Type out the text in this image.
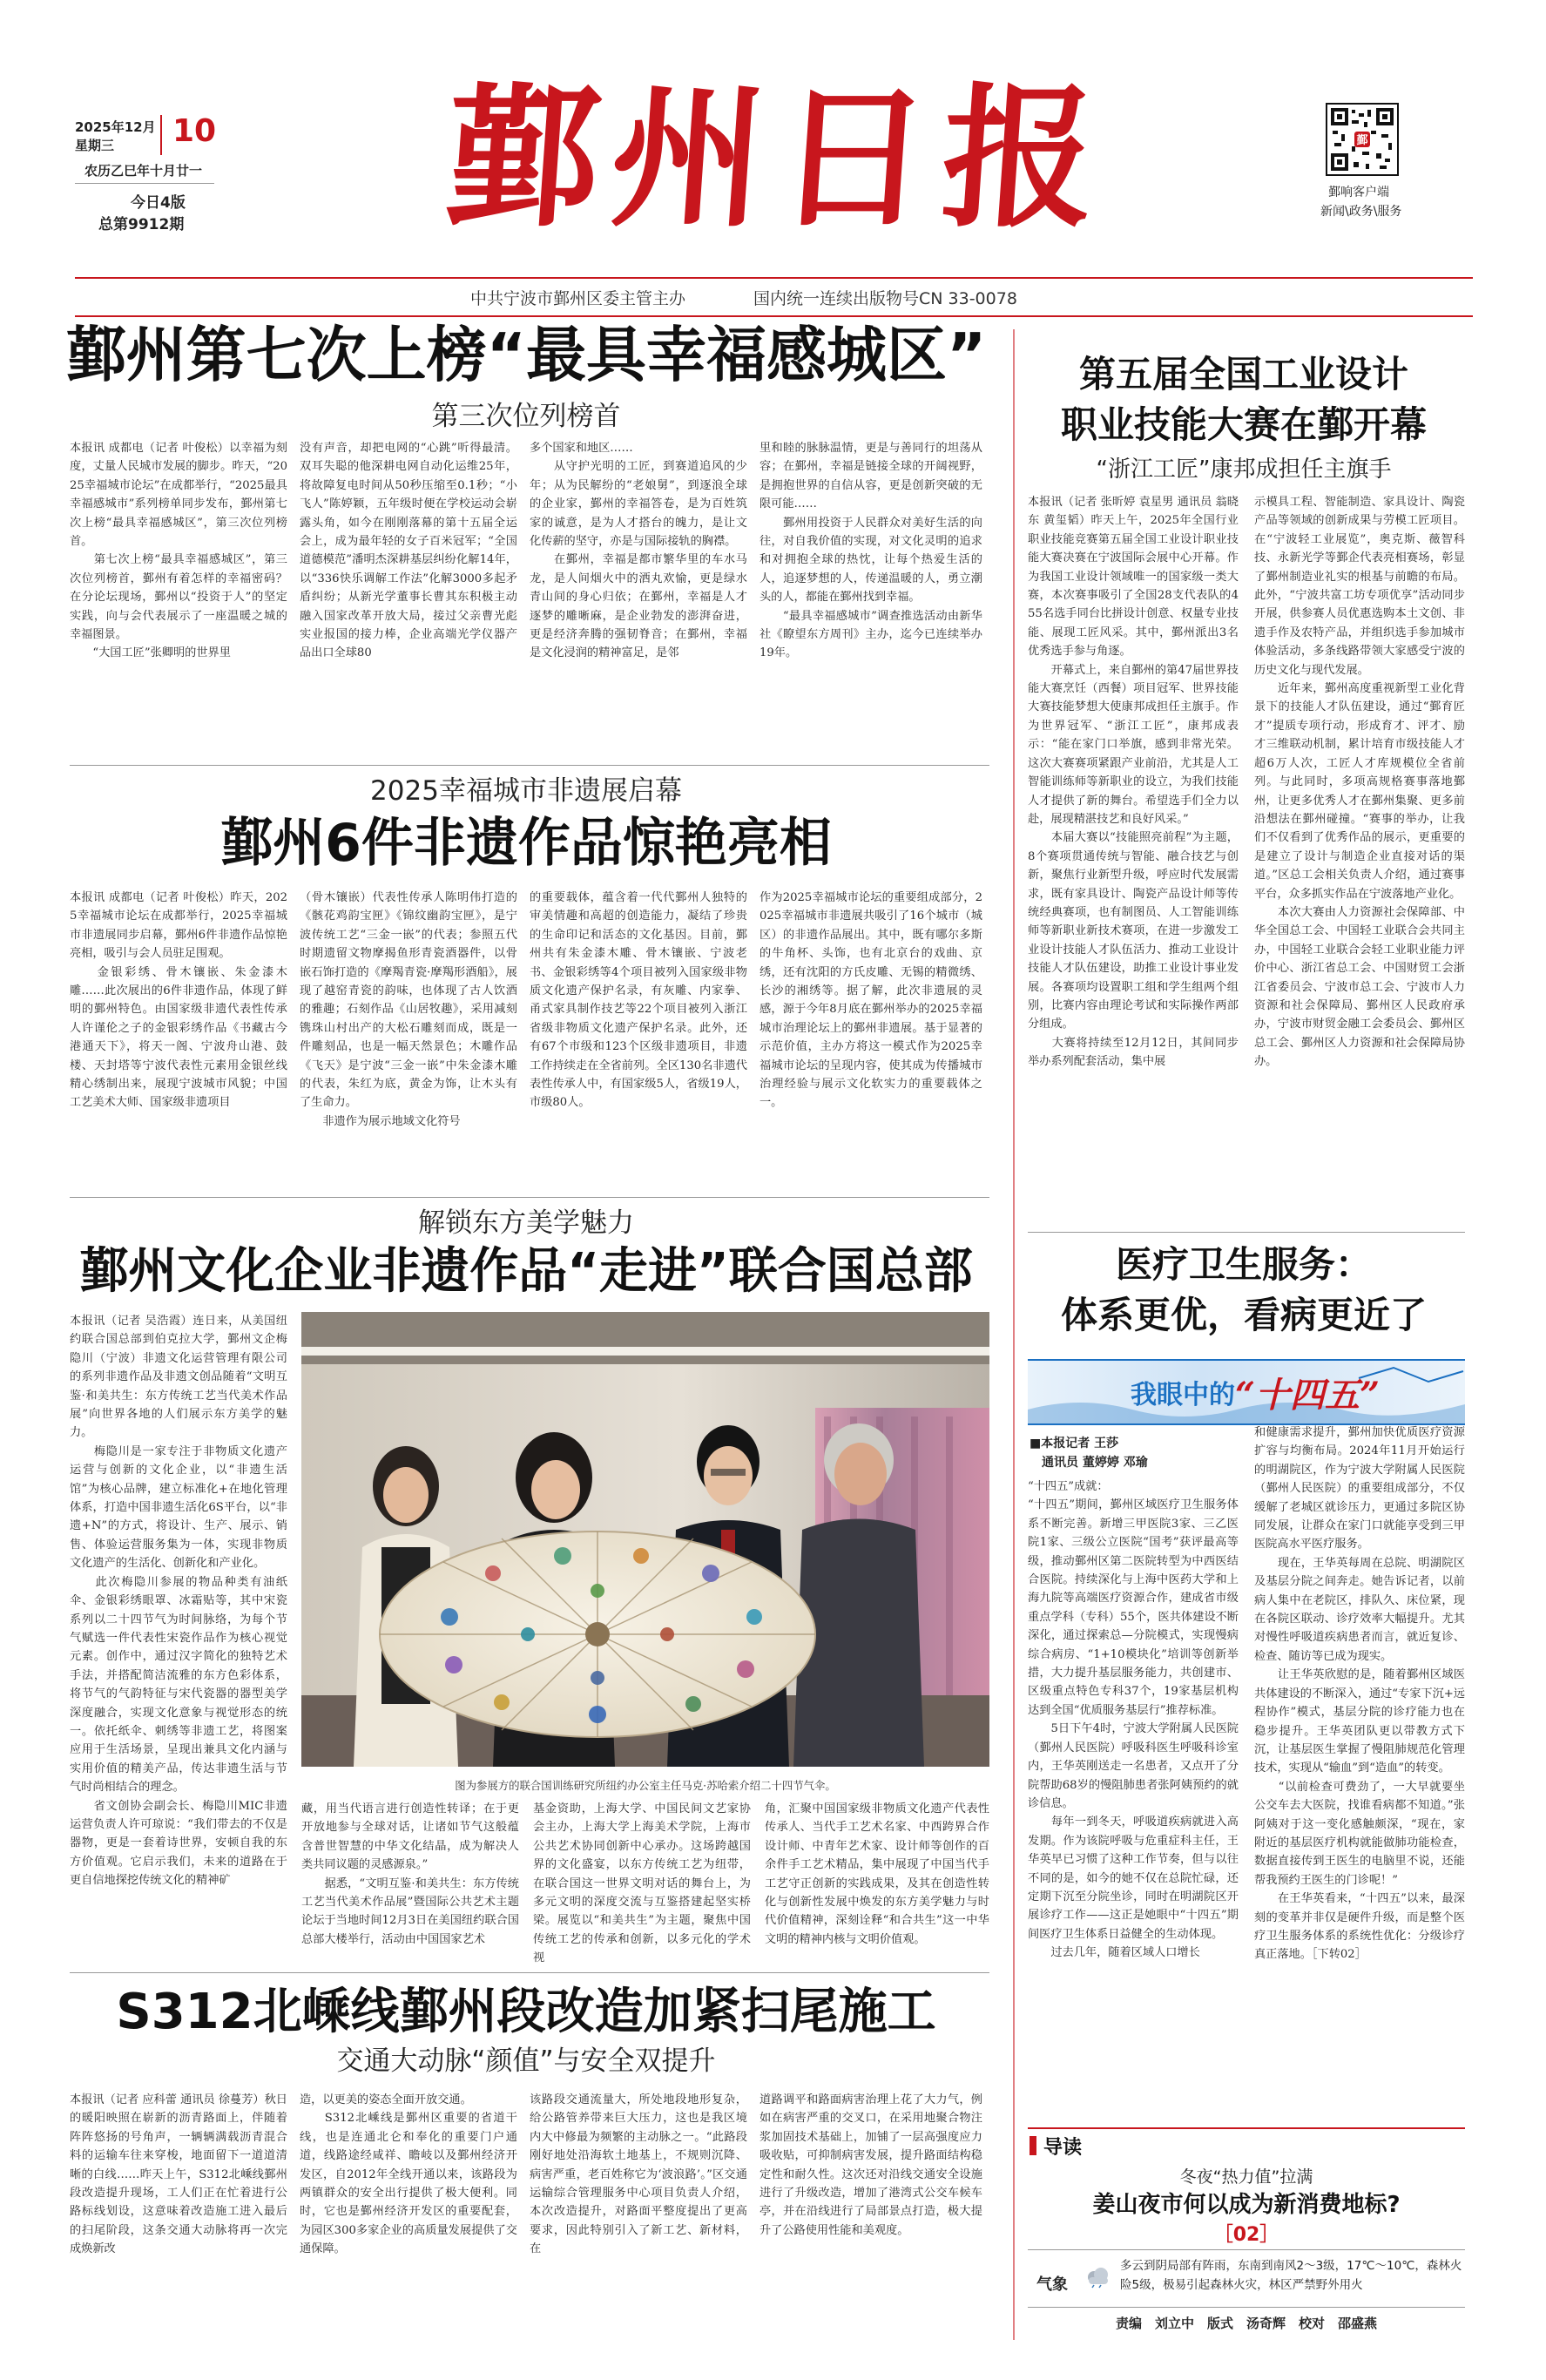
2025年12月
星期三 10
农历乙巳年十月廿一
今日4版
总第9912期 鄞州日报	鄞
鄞响客户端
新闻\政务\服务
中共宁波市鄞州区委主管主办	国内统一连续出版物号CN 33-0078
鄞州第七次上榜“最具幸福感城区”
第三次位列榜首
本报讯 成都电（记者 叶俊松）以幸福为刻度，丈量人民城市发展的脚步。昨天，“2025幸福城市论坛”在成都举行，“2025最具幸福感城市”系列榜单同步发布，鄞州第七次上榜“最具幸福感城区”，第三次位列榜首。
　　第七次上榜“最具幸福感城区”，第三次位列榜首，鄞州有着怎样的幸福密码？在分论坛现场，鄞州以“投资于人”的坚定实践，向与会代表展示了一座温暖之城的幸福图景。
　　“大国工匠”张卿明的世界里
没有声音，却把电网的“心跳”听得最清。双耳失聪的他深耕电网自动化运维25年，将故障复电时间从50秒压缩至0.1秒；“小飞人”陈婷颖，五年级时便在学校运动会崭露头角，如今在刚刚落幕的第十五届全运会上，成为最年轻的女子百米冠军；“全国道德模范”潘明杰深耕基层纠纷化解14年，以“336快乐调解工作法”化解3000多起矛盾纠纷；从新光学董事长曹其东积极主动融入国家改革开放大局，接过父亲曹光彪实业报国的接力棒，企业高端光学仪器产品出口全球80
多个国家和地区……
　　从守护光明的工匠，到赛道追风的少年；从为民解纷的“老娘舅”，到逐浪全球的企业家，鄞州的幸福答卷，是为百姓筑家的诚意，是为人才搭台的魄力，是让文化传薪的坚守，亦是与国际接轨的胸襟。
　　在鄞州，幸福是都市繁华里的车水马龙，是人间烟火中的洒丸欢愉，更是绿水青山间的身心归依；在鄞州，幸福是人才逐梦的雕晰麻，是企业勃发的澎湃奋进，更是经济奔腾的强韧脊音；在鄞州，幸福是文化浸润的精神富足，是邻
里和睦的脉脉温情，更是与善同行的坦荡从容；在鄞州，幸福是链接全球的开阔视野，是拥抱世界的自信从容，更是创新突破的无限可能……
　　鄞州用投资于人民群众对美好生活的向往，对自我价值的实现，对文化灵明的追求和对拥抱全球的热忱，让每个热爱生活的人，追逐梦想的人，传递温暖的人，勇立潮头的人，都能在鄞州找到幸福。
　　“最具幸福感城市”调查推选活动由新华社《瞭望东方周刊》主办，迄今已连续举办19年。
2025幸福城市非遗展启幕
鄞州6件非遗作品惊艳亮相
本报讯 成都电（记者 叶俊松）昨天，2025幸福城市论坛在成都举行，2025幸福城市非遗展同步启幕，鄞州6件非遗作品惊艳亮相，吸引与会人员驻足围观。
　　金银彩绣、骨木镶嵌、朱金漆木雕……此次展出的6件非遗作品，体现了鲜明的鄞州特色。由国家级非遗代表性传承人许谨伦之子的金银彩绣作品《书藏古今 港通天下》，将天一阁、宁波舟山港、鼓楼、天封塔等宁波代表性元素用金银丝线精心绣制出来，展现宁波城市风貌；中国工艺美术大师、国家级非遗项目
（骨木镶嵌）代表性传承人陈明伟打造的《骸花鸡韵宝匣》《锦纹幽韵宝匣》，是宁波传统工艺“三金一嵌”的代表；参照五代时期遗留文物摩揭鱼形青瓷酒器件，以骨嵌石饰打造的《摩羯青瓷·摩羯形酒船》，展现了越窑青瓷的韵味，也体现了古人饮酒的雅趣；石刻作品《山居牧趣》，采用减刻镌珠山村出产的大松石雕刻而成，既是一件雕刻品，也是一幅天然景色；木雕作品《飞天》是宁波“三金一嵌”中朱金漆木雕的代表，朱红为底，黄金为饰，让木头有了生命力。
　　非遗作为展示地域文化符号
的重要载体，蕴含着一代代鄞州人独特的审美情趣和高超的创造能力，凝结了珍贵的生命印记和活态的文化基因。目前，鄞州共有朱金漆木雕、骨木镶嵌、宁波老书、金银彩绣等4个项目被列入国家级非物质文化遗产保护名录，有灰雕、内家拳、甬式家具制作技艺等22个项目被列入浙江省级非物质文化遗产保护名录。此外，还有67个市级和123个区级非遗项目，非遗工作持续走在全省前列。全区130名非遗代表性传承人中，有国家级5人，省级19人，市级80人。
作为2025幸福城市论坛的重要组成部分，2025幸福城市非遗展共吸引了16个城市（城区）的非遗作品展出。其中，既有哪尔多斯的牛角杯、头饰，也有北京台的戏曲、京绣，还有沈阳的方氏皮雕、无锡的精微绣、长沙的湘绣等。据了解，此次非遗展的灵感，源于今年8月底在鄞州举办的2025幸福城市治理论坛上的鄞州非遗展。基于显著的示范价值，主办方将这一模式作为2025幸福城市论坛的呈现内容，使其成为传播城市治理经验与展示文化软实力的重要载体之一。
解锁东方美学魅力
鄞州文化企业非遗作品“走进”联合国总部
本报讯（记者 吴浩霞）连日来，从美国纽约联合国总部到伯克拉大学，鄞州文企梅隐川（宁波）非遗文化运营管理有限公司的系列非遗作品及非遗文创品随着“文明互鉴·和美共生：东方传统工艺当代美术作品展”向世界各地的人们展示东方美学的魅力。
　　梅隐川是一家专注于非物质文化遗产运营与创新的文化企业，以“非遗生活馆”为核心品牌，建立标准化+在地化管理体系，打造中国非遗生活化6S平台，以“非遗+N”的方式，将设计、生产、展示、销售、体验运营服务集为一体，实现非物质文化遗产的生活化、创新化和产业化。
　　此次梅隐川参展的物品种类有油纸伞、金银彩绣眼罩、冰霜贴等，其中宋瓷系列以二十四节气为时间脉络，为每个节气赋选一件代表性宋瓷作品作为核心视觉元素。创作中，通过汉字简化的独特艺术手法，并搭配简洁流雅的东方色彩体系，将节气的气韵特征与宋代瓷器的器型美学深度融合，实现文化意象与视觉形态的统一。依托纸伞、刺绣等非遗工艺，将图案应用于生活场景，呈现出兼具文化内涵与实用价值的精美产品，传达非遗生活与节气时尚相结合的理念。
　　省文创协会副会长、梅隐川MIC非遗运营负责人许可琼说：“我们带去的不仅是器物，更是一套着诗世界，安顿自我的东方价值观。它启示我们，未来的道路在于更自信地探挖传统文化的精神矿
图为参展方的联合国训练研究所纽约办公室主任马克·苏哈索介绍二十四节气伞。
藏，用当代语言进行创造性转译；在于更开放地参与全球对话，让诸如节气这般蕴含普世智慧的中华文化结晶，成为解决人类共同议题的灵感源泉。”
　　据悉，“文明互鉴·和美共生：东方传统工艺当代美术作品展”暨国际公共艺术主题论坛于当地时间12月3日在美国纽约联合国总部大楼举行，活动由中国国家艺术
基金资助，上海大学、中国民间文艺家协会主办，上海大学上海美术学院，上海市公共艺术协同创新中心承办。这场跨越国界的文化盛宴，以东方传统工艺为纽带，在联合国这一世界文明对话的舞台上，为多元文明的深度交流与互鉴搭建起坚实桥梁。展览以“和美共生”为主题，聚焦中国传统工艺的传承和创新，以多元化的学术视
角，汇聚中国国家级非物质文化遗产代表性传承人、当代手工艺术名家、中西跨界合作设计师、中青年艺术家、设计师等创作的百余件手工艺术精品，集中展现了中国当代手工艺守正创新的实践成果，及其在创造性转化与创新性发展中焕发的东方美学魅力与时代价值精神，深刻诠释“和合共生”这一中华文明的精神内核与文明价值观。
S312北嵊线鄞州段改造加紧扫尾施工
交通大动脉“颜值”与安全双提升
本报讯（记者 应科蕾 通讯员 徐蔓芳）秋日的暖阳映照在崭新的沥青路面上，伴随着阵阵悠扬的号角声，一辆辆满载沥青混合料的运输车往来穿梭，地面留下一道道清晰的白线……昨天上午，S312北嵊线鄞州段改造提升现场，工人们正在忙着进行公路标线划设，这意味着改造施工进入最后的扫尾阶段，这条交通大动脉将再一次完成焕新改
造，以更美的姿态全面开放交通。
　　S312北嵊线是鄞州区重要的省道干线，也是连通北仑和奉化的重要门户通道，线路途经咸祥、瞻岐以及鄞州经济开发区，自2012年全线开通以来，该路段为两镇群众的安全出行提供了极大便利。同时，它也是鄞州经济开发区的重要配套，为园区300多家企业的高质量发展提供了交通保障。
该路段交通流量大，所处地段地形复杂，给公路管养带来巨大压力，这也是我区境内大中修最为频繁的主动脉之一。“此路段刚好地处沿海软土地基上，不规则沉降、病害严重，老百姓称它为‘波浪路’。”区交通运输综合管理服务中心项目负责人介绍，本次改造提升，对路面平整度提出了更高要求，因此特别引入了新工艺、新材料，在
道路调平和路面病害治理上花了大力气，例如在病害严重的交叉口，在采用地聚合物注浆加固技术基础上，加铺了一层高强度应力吸收贴，可抑制病害发展，提升路面结构稳定性和耐久性。这次还对沿线交通安全设施进行了升级改造，增加了港湾式公交车候车亭，并在沿线进行了局部景点打造，极大提升了公路使用性能和美观度。
第五届全国工业设计
职业技能大赛在鄞开幕
“浙江工匠”康邦成担任主旗手
本报讯（记者 张昕婷 袁星男 通讯员 翁晓东 黄玺韬）昨天上午，2025年全国行业职业技能竞赛第五届全国工业设计职业技能大赛决赛在宁波国际会展中心开幕。作为我国工业设计领域唯一的国家级一类大赛，本次赛事吸引了全国28支代表队的455名选手同台比拼设计创意、权量专业技能、展现工匠风采。其中，鄞州派出3名优秀选手参与角逐。
　　开幕式上，来自鄞州的第47届世界技能大赛烹饪（西餐）项目冠军、世界技能大赛技能梦想大使康邦成担任主旗手。作为世界冠军、“浙江工匠”，康邦成表示：“能在家门口举旗，感到非常光荣。这次大赛赛项紧跟产业前沿，尤其是人工智能训练师等新职业的设立，为我们技能人才提供了新的舞台。希望选手们全力以赴，展现精湛技艺和良好风采。”
　　本届大赛以“技能照亮前程”为主题，8个赛项贯通传统与智能、融合技艺与创新，聚焦行业新型升级，呼应时代发展需求，既有家具设计、陶瓷产品设计师等传统经典赛项，也有制图员、人工智能训练师等新职业新技术赛项，在进一步激发工业设计技能人才队伍活力、推动工业设计技能人才队伍建设，助推工业设计事业发展。各赛项均设置职工组和学生组两个组别，比赛内容由理论考试和实际操作两部分组成。
　　大赛将持续至12月12日，其间同步举办系列配套活动，集中展
示模具工程、智能制造、家具设计、陶瓷产品等领域的创新成果与劳模工匠项目。在“宁波轻工业展览”，奥克斯、薇智科技、永新光学等鄞企代表亮相赛场，彰显了鄞州制造业礼实的根基与前瞻的布局。此外，“宁波共富工坊专项优享”活动同步开展，供参赛人员优惠选购本土文创、非遗手作及农特产品，并组织选手参加城市体验活动，多条线路带领大家感受宁波的历史文化与现代发展。
　　近年来，鄞州高度重视新型工业化背景下的技能人才队伍建设，通过“鄞育匠才”提质专项行动，形成育才、评才、励才三维联动机制，累计培育市级技能人才超6万人次，工匠人才库规模位全省前列。与此同时，多项高规格赛事落地鄞州，让更多优秀人才在鄞州集聚、更多前沿想法在鄞州碰撞。“赛事的举办，让我们不仅看到了优秀作品的展示，更重要的是建立了设计与制造企业直接对话的渠道。”区总工会相关负责人介绍，通过赛事平台，众多抓实作品在宁波落地产业化。
　　本次大赛由人力资源社会保障部、中华全国总工会、中国轻工业联合会共同主办，中国轻工业联合会轻工业职业能力评价中心、浙江省总工会、中国财贸工会浙江省委员会、宁波市总工会、宁波市人力资源和社会保障局、鄞州区人民政府承办，宁波市财贸金融工会委员会、鄞州区总工会、鄞州区人力资源和社会保障局协办。
医疗卫生服务：
体系更优，看病更近了
我眼中的 “十四五”
■本报记者 王莎
通讯员 董婷婷 邓瑜
“十四五”成就：
“十四五”期间，鄞州区域医疗卫生服务体系不断完善。新增三甲医院3家、三乙医院1家、三级公立医院“国考”获评最高等级，推动鄞州区第二医院转型为中西医结合医院。持续深化与上海中医药大学和上海九院等高端医疗资源合作，建成省市级重点学科（专科）55个，医共体建设不断深化，通过探索总—分院模式，实现慢病综合病房、“1+10模块化”培训等创新举措，大力提升基层服务能力，共创建市、区级重点特色专科37个，19家基层机构达到全国“优质服务基层行”推荐标准。
　　5日下午4时，宁波大学附属人民医院（鄞州人民医院）呼吸科医生呼吸科诊室内，王华英刚送走一名患者，又点开了分院帮助68岁的慢阻肺患者张阿姨预约的就诊信息。
　　每年一到冬天，呼吸道疾病就进入高发期。作为该院呼吸与危重症科主任，王华英早已习惯了这种工作节奏，但与以往不同的是，如今的她不仅在总院忙碌，还定期下沉至分院坐诊，同时在明湖院区开展诊疗工作——这正是她眼中“十四五”期间医疗卫生体系日益健全的生动体现。
　　过去几年，随着区域人口增长
和健康需求提升，鄞州加快优质医疗资源扩容与均衡布局。2024年11月开始运行的明湖院区，作为宁波大学附属人民医院（鄞州人民医院）的重要组成部分，不仅缓解了老城区就诊压力，更通过多院区协同发展，让群众在家门口就能享受到三甲医院高水平医疗服务。
　　现在，王华英每周在总院、明湖院区及基层分院之间奔走。她告诉记者，以前病人集中在老院区，排队久、床位紧，现在各院区联动、诊疗效率大幅提升。尤其对慢性呼吸道疾病患者而言，就近复诊、检查、随访等已成为现实。
　　让王华英欣慰的是，随着鄞州区域医共体建设的不断深入，通过“专家下沉+远程协作”模式，基层分院的诊疗能力也在稳步提升。王华英团队更以带教方式下沉，让基层医生掌握了慢阻肺规范化管理技术，实现从“输血”到“造血”的转变。
　　“以前检查可费劲了，一大早就要坐公交车去大医院，找谁看病都不知道。”张阿姨对于这一变化感触颇深，“现在，家附近的基层医疗机构就能做肺功能检查，数据直接传到王医生的电脑里不说，还能帮我预约王医生的门诊呢！”
　　在王华英看来，“十四五”以来，最深刻的变革并非仅是硬件升级，而是整个医疗卫生服务体系的系统性优化：分级诊疗真正落地。［下转02］
导读
冬夜“热力值”拉满
姜山夜市何以成为新消费地标?
［02］
气象
多云到阴局部有阵雨，东南到南风2～3级，17℃～10℃，森林火险5级，极易引起森林火灾，林区严禁野外用火
责编　刘立中　版式　汤奇辉　校对　邵盛燕
